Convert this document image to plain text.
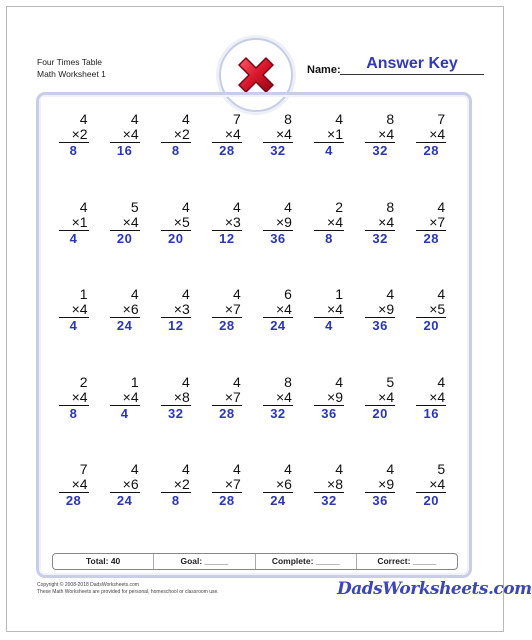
Four Times Table
Math Worksheet 1	Name:	Answer Key
4
×2
8
4
×4
16
4
×2
8
7
×4
28
8
×4
32
4
×1
4
8
×4
32
7
×4
28
4
×1
4
5
×4
20
4
×5
20
4
×3
12
4
×9
36
2
×4
8
8
×4
32
4
×7
28
1
×4
4
4
×6
24
4
×3
12
4
×7
28
6
×4
24
1
×4
4
4
×9
36
4
×5
20
2
×4
8
1
×4
4
4
×8
32
4
×7
28
8
×4
32
4
×9
36
5
×4
20
4
×4
16
7
×4
28
4
×6
24
4
×2
8
4
×7
28
4
×6
24
4
×8
32
4
×9
36
5
×4
20
Total: 40	Goal: _____	Complete: _____	Correct: _____
Copyright © 2008-2018 DadsWorksheets.com
These Math Worksheets are provided for personal, homeschool or classroom use.	DadsWorksheets.com
